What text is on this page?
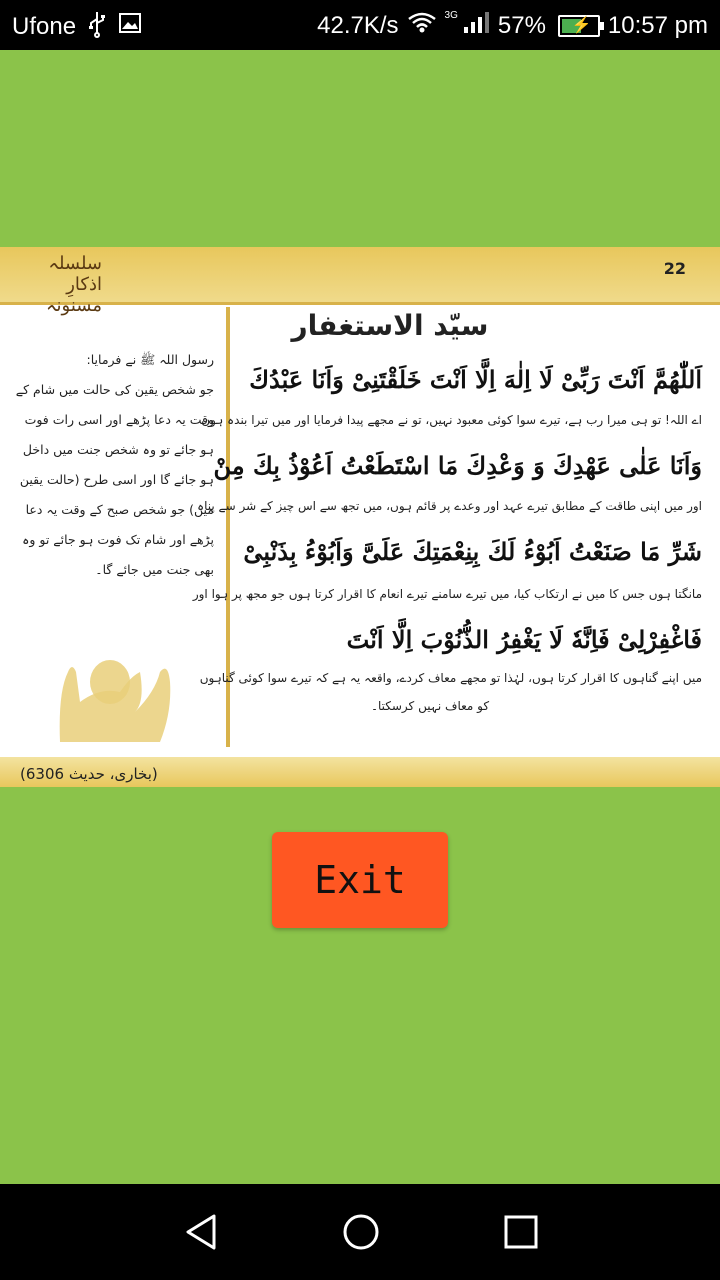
Ufone	42.7K/s	3G 57% ⚡ 10:57 pm
سلسلہ اذکارِ مسنونہ
22
سیّد الاستغفار
اَللّٰهُمَّ اَنْتَ رَبِّیْ لَا اِلٰهَ اِلَّا اَنْتَ خَلَقْتَنِیْ وَاَنَا عَبْدُكَ
اے اللہ! تو ہی میرا رب ہے، تیرے سوا کوئی معبود نہیں، تو نے مجھے پیدا فرمایا اور میں تیرا بندہ ہوں
وَاَنَا عَلٰی عَهْدِكَ وَ وَعْدِكَ مَا اسْتَطَعْتُ اَعُوْذُ بِكَ مِنْ
اور میں اپنی طاقت کے مطابق تیرے عہد اور وعدے پر قائم ہوں، میں تجھ سے اس چیز کے شر سے پناہ
شَرِّ مَا صَنَعْتُ اَبُوْءُ لَكَ بِنِعْمَتِكَ عَلَیَّ وَاَبُوْءُ بِذَنْبِیْ
مانگتا ہوں جس کا میں نے ارتکاب کیا، میں تیرے سامنے تیرے انعام کا اقرار کرتا ہوں جو مجھ پر ہوا اور
فَاغْفِرْلِیْ فَاِنَّهٗ لَا یَغْفِرُ الذُّنُوْبَ اِلَّا اَنْتَ
میں اپنے گناہوں کا اقرار کرتا ہوں، لہٰذا تو مجھے معاف کردے، واقعہ یہ ہے کہ تیرے سوا کوئی گناہوں
کو معاف نہیں کرسکتا۔
رسول اللہ ﷺ نے فرمایا:
جو شخص یقین کی حالت میں شام کے
وقت یہ دعا پڑھے اور اسی رات فوت
ہو جائے تو وہ شخص جنت میں داخل
ہو جائے گا اور اسی طرح (حالت یقین
میں) جو شخص صبح کے وقت یہ دعا
پڑھے اور شام تک فوت ہو جائے تو وہ
بھی جنت میں جائے گا۔
(بخاری، حدیث 6306)
Exit
